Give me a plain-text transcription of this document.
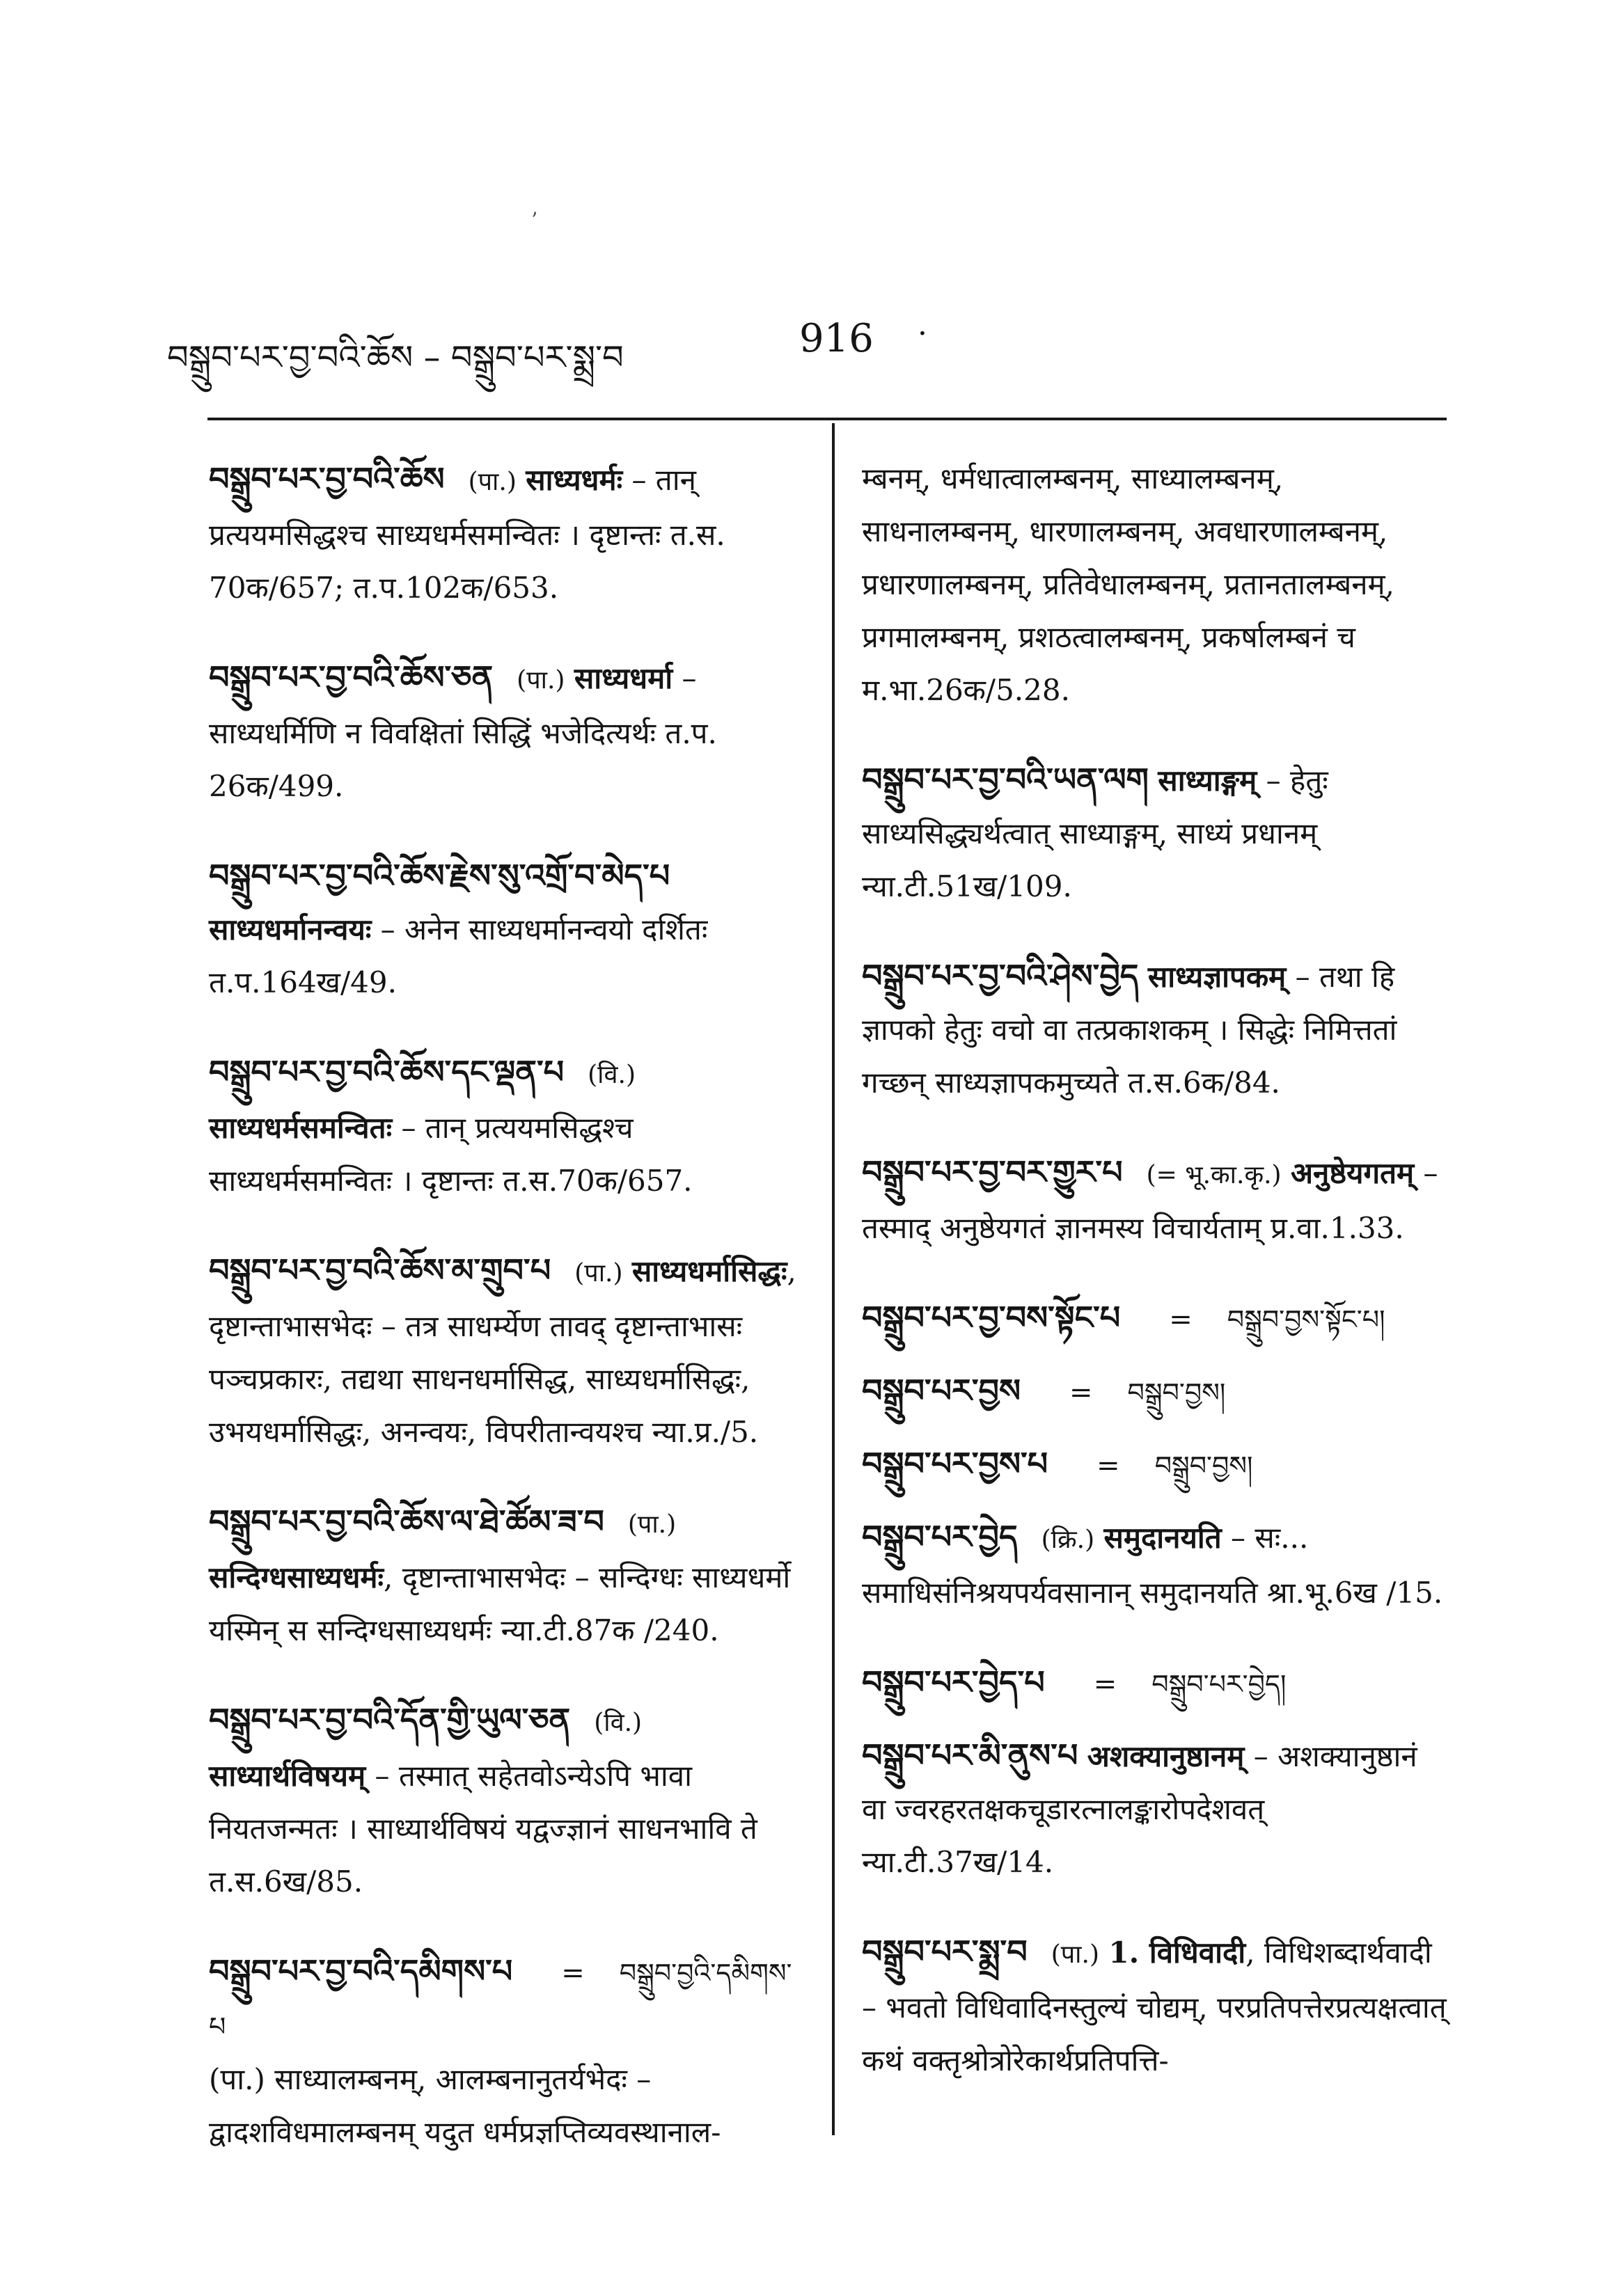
ʼ
བསྒྲུབ་པར་བྱ་བའི་ཆོས – བསྒྲུབ་པར་སྨྲ་བ	916 ·
བསྒྲུབ་པར་བྱ་བའི་ཆོས (पा.) साध्यधर्मः – तान् प्रत्ययमसिद्धश्च साध्यधर्मसमन्वितः । दृष्टान्तः त.स. 70क/657; त.प.102क/653.
བསྒྲུབ་པར་བྱ་བའི་ཆོས་ཅན (पा.) साध्यधर्मा – साध्यधर्मिणि न विवक्षितां सिद्धिं भजेदित्यर्थः त.प. 26क/499.
བསྒྲུབ་པར་བྱ་བའི་ཆོས་རྗེས་སུ་འགྲོ་བ་མེད་པ
साध्यधर्मानन्वयः – अनेन साध्यधर्मानन्वयो दर्शितः त.प.164ख/49.
བསྒྲུབ་པར་བྱ་བའི་ཆོས་དང་ལྡན་པ (वि.) साध्यधर्मसमन्वितः – तान् प्रत्ययमसिद्धश्च साध्यधर्मसमन्वितः । दृष्टान्तः त.स.70क/657.
བསྒྲུབ་པར་བྱ་བའི་ཆོས་མ་གྲུབ་པ (पा.) साध्यधर्मासिद्धः, दृष्टान्ताभासभेदः – तत्र साधर्म्येण तावद् दृष्टान्ताभासः पञ्चप्रकारः, तद्यथा साधनधर्मासिद्ध, साध्यधर्मासिद्धः, उभयधर्मासिद्धः, अनन्वयः, विपरीतान्वयश्च न्या.प्र./5.
བསྒྲུབ་པར་བྱ་བའི་ཆོས་ལ་ཐེ་ཚོམ་ཟ་བ (पा.)
सन्दिग्धसाध्यधर्मः, दृष्टान्ताभासभेदः – सन्दिग्धः साध्यधर्मो यस्मिन् स सन्दिग्धसाध्यधर्मः न्या.टी.87क /240.
བསྒྲུབ་པར་བྱ་བའི་དོན་གྱི་ཡུལ་ཅན (वि.) साध्यार्थविषयम् – तस्मात् सहेतवोऽन्येऽपि भावा नियतजन्मतः । साध्यार्थविषयं यद्वज्ज्ञानं साधनभावि ते त.स.6ख/85.
བསྒྲུབ་པར་བྱ་བའི་དམིགས་པ = བསྒྲུབ་བྱའི་དམིགས་པ
(पा.) साध्यालम्बनम्, आलम्बनानुतर्यभेदः – द्वादशविधमालम्बनम् यदुत धर्मप्रज्ञप्तिव्यवस्थानाल-
म्बनम्, धर्मधात्वालम्बनम्, साध्यालम्बनम्, साधनालम्बनम्, धारणालम्बनम्, अवधारणालम्बनम्, प्रधारणालम्बनम्, प्रतिवेधालम्बनम्, प्रतानतालम्बनम्, प्रगमालम्बनम्, प्रशठत्वालम्बनम्, प्रकर्षालम्बनं च म.भा.26क/5.28.
བསྒྲུབ་པར་བྱ་བའི་ཡན་ལག साध्याङ्गम् – हेतुः साध्यसिद्ध्यर्थत्वात् साध्याङ्गम्, साध्यं प्रधानम् न्या.टी.51ख/109.
བསྒྲུབ་པར་བྱ་བའི་ཤེས་བྱེད साध्यज्ञापकम् – तथा हि ज्ञापको हेतुः वचो वा तत्प्रकाशकम् । सिद्धेः निमित्ततां गच्छन् साध्यज्ञापकमुच्यते त.स.6क/84.
བསྒྲུབ་པར་བྱ་བར་གྱུར་པ (= भू.का.कृ.) अनुष्ठेयगतम् – तस्माद् अनुष्ठेयगतं ज्ञानमस्य विचार्यताम् प्र.वा.1.33.
བསྒྲུབ་པར་བྱ་བས་སྟོང་པ = བསྒྲུབ་བྱས་སྟོང་པ།
བསྒྲུབ་པར་བྱས = བསྒྲུབ་བྱས།
བསྒྲུབ་པར་བྱས་པ = བསྒྲུབ་བྱས།
བསྒྲུབ་པར་བྱེད (क्रि.) समुदानयति – सः... समाधिसंनिश्रयपर्यवसानान् समुदानयति श्रा.भू.6ख /15.
བསྒྲུབ་པར་བྱེད་པ = བསྒྲུབ་པར་བྱེད།
བསྒྲུབ་པར་མི་ནུས་པ अशक्यानुष्ठानम् – अशक्यानुष्ठानं वा ज्वरहरतक्षकचूडारत्नालङ्कारोपदेशवत् न्या.टी.37ख/14.
བསྒྲུབ་པར་སྨྲ་བ (पा.) 1. विधिवादी, विधिशब्दार्थवादी – भवतो विधिवादिनस्तुल्यं चोद्यम्, परप्रतिपत्तेरप्रत्यक्षत्वात् कथं वक्तृश्रोत्रोरेकार्थप्रतिपत्ति-
